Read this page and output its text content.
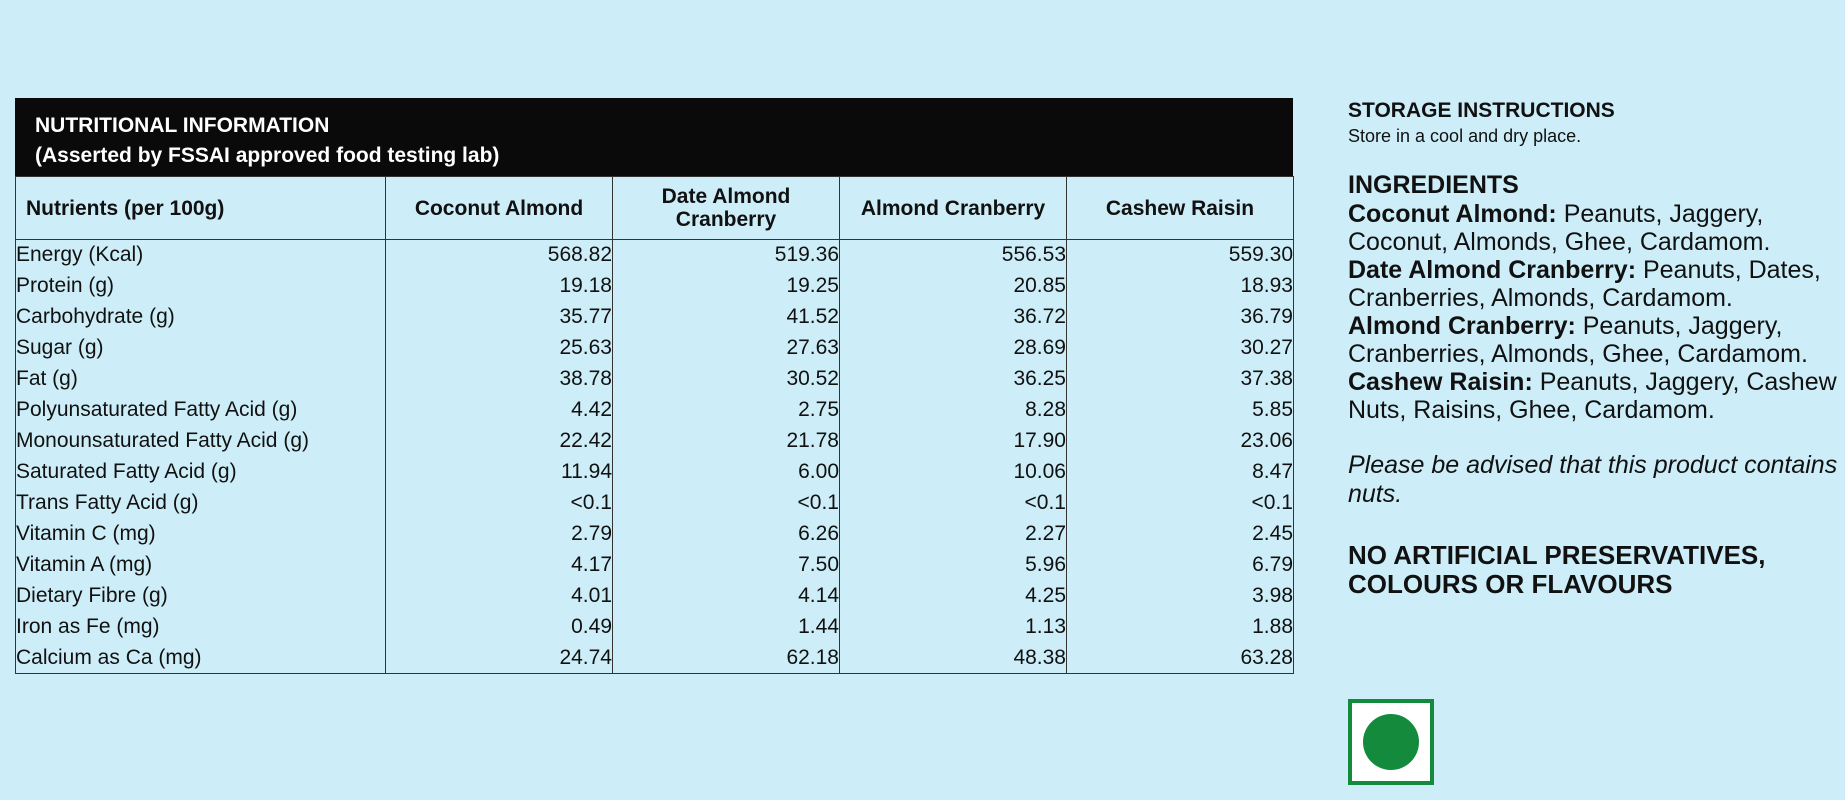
NUTRITIONAL INFORMATION
(Asserted by FSSAI approved food testing lab)
Nutrients (per 100g)	Coconut Almond	Date Almond Cranberry	Almond Cranberry	Cashew Raisin
Energy (Kcal)	568.82	519.36	556.53	559.30
Protein (g)	19.18	19.25	20.85	18.93
Carbohydrate (g)	35.77	41.52	36.72	36.79
Sugar (g)	25.63	27.63	28.69	30.27
Fat (g)	38.78	30.52	36.25	37.38
Polyunsaturated Fatty Acid (g)	4.42	2.75	8.28	5.85
Monounsaturated Fatty Acid (g)	22.42	21.78	17.90	23.06
Saturated Fatty Acid (g)	11.94	6.00	10.06	8.47
Trans Fatty Acid (g)	<0.1	<0.1	<0.1	<0.1
Vitamin C (mg)	2.79	6.26	2.27	2.45
Vitamin A (mg)	4.17	7.50	5.96	6.79
Dietary Fibre (g)	4.01	4.14	4.25	3.98
Iron as Fe (mg)	0.49	1.44	1.13	1.88
Calcium as Ca (mg)	24.74	62.18	48.38	63.28
STORAGE INSTRUCTIONS
Store in a cool and dry place.
INGREDIENTS
Coconut Almond: Peanuts, Jaggery, Coconut, Almonds, Ghee, Cardamom.
Date Almond Cranberry: Peanuts, Dates, Cranberries, Almonds, Cardamom.
Almond Cranberry: Peanuts, Jaggery, Cranberries, Almonds, Ghee, Cardamom.
Cashew Raisin: Peanuts, Jaggery, Cashew Nuts, Raisins, Ghee, Cardamom.
Please be advised that this product contains nuts.
NO ARTIFICIAL PRESERVATIVES,
COLOURS OR FLAVOURS
